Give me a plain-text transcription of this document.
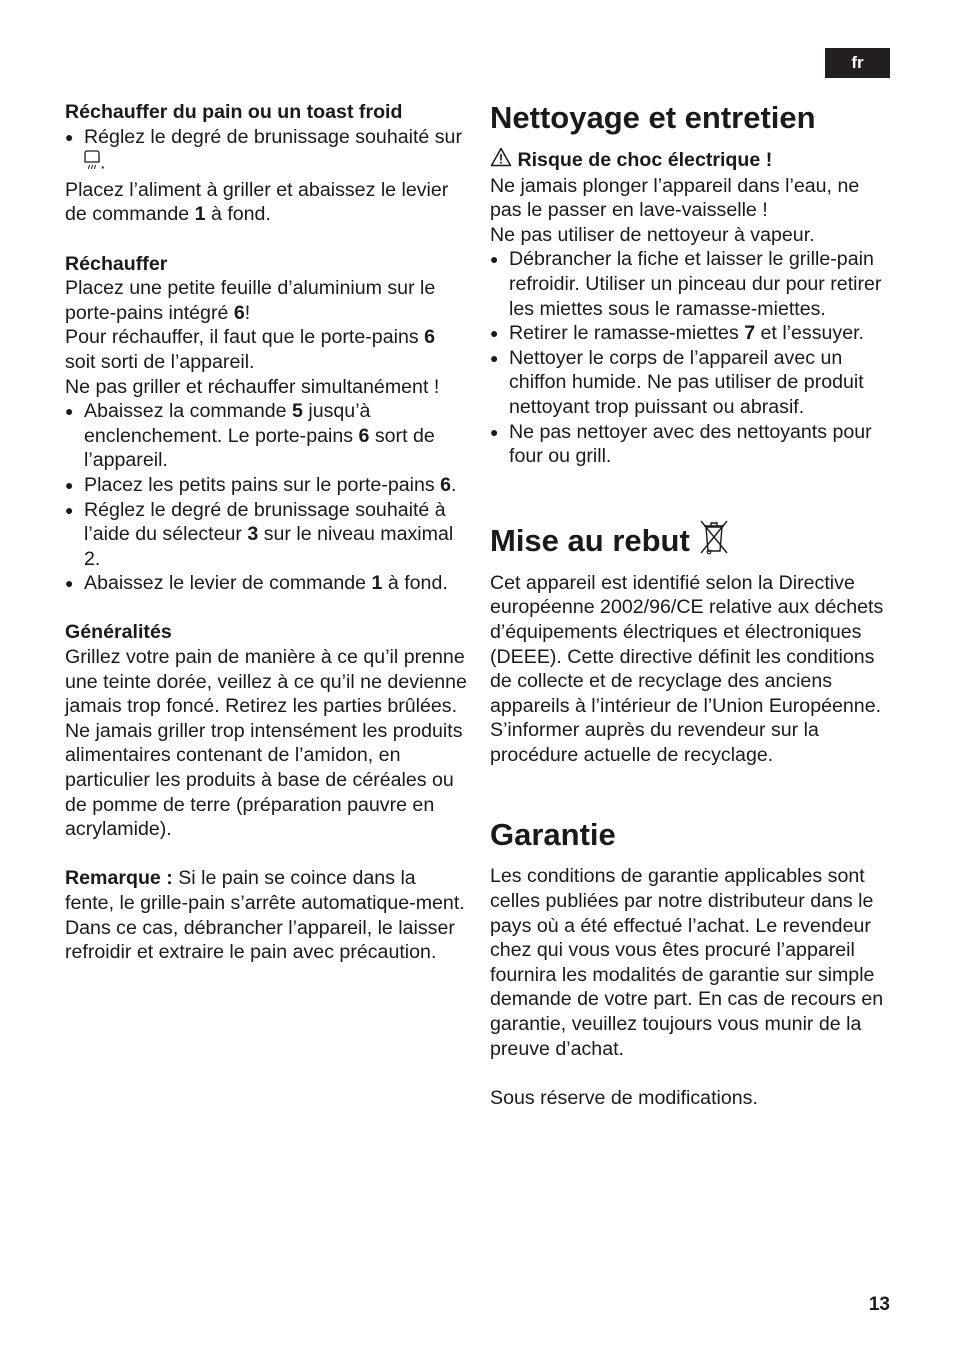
fr

Réchauffer du pain ou un toast froid

● Réglez le degré de brunissage souhaité sur .

Placez l’aliment à griller et abaissez le levier de commande 1 à fond.

Réchauffer

Placez une petite feuille d’aluminium sur le porte-pains intégré 6!

Pour réchauffer, il faut que le porte-pains 6 soit sorti de l’appareil.

Ne pas griller et réchauffer simultanément !

● Abaissez la commande 5 jusqu’à enclenchement. Le porte-pains 6 sort de l’appareil.
● Placez les petits pains sur le porte-pains 6.
● Réglez le degré de brunissage souhaité à l’aide du sélecteur 3 sur le niveau maximal 2.
● Abaissez le levier de commande 1 à fond.

Généralités

Grillez votre pain de manière à ce qu’il prenne une teinte dorée, veillez à ce qu’il ne devienne jamais trop foncé. Retirez les parties brûlées. Ne jamais griller trop intensément les produits alimentaires contenant de l’amidon, en particulier les produits à base de céréales ou de pomme de terre (préparation pauvre en acrylamide).

Remarque : Si le pain se coince dans la fente, le grille-pain s’arrête automatique-ment. Dans ce cas, débrancher l’appareil, le laisser refroidir et extraire le pain avec précaution.

Nettoyage et entretien

Risque de choc électrique !

Ne jamais plonger l’appareil dans l’eau, ne pas le passer en lave-vaisselle !

Ne pas utiliser de nettoyeur à vapeur.

● Débrancher la fiche et laisser le grille-pain refroidir. Utiliser un pinceau dur pour retirer les miettes sous le ramasse-miettes.
● Retirer le ramasse-miettes 7 et l’essuyer.
● Nettoyer le corps de l’appareil avec un chiffon humide. Ne pas utiliser de produit nettoyant trop puissant ou abrasif.
● Ne pas nettoyer avec des nettoyants pour four ou grill.
Mise au rebut

Cet appareil est identifié selon la Directive européenne 2002/96/CE relative aux déchets d’équipements électriques et électroniques (DEEE). Cette directive définit les conditions de collecte et de recyclage des anciens appareils à l’intérieur de l’Union Européenne. S’informer auprès du revendeur sur la procédure actuelle de recyclage.

Garantie

Les conditions de garantie applicables sont celles publiées par notre distributeur dans le pays où a été effectué l’achat. Le revendeur chez qui vous vous êtes procuré l’appareil fournira les modalités de garantie sur simple demande de votre part. En cas de recours en garantie, veuillez toujours vous munir de la preuve d’achat.

Sous réserve de modifications.

13
